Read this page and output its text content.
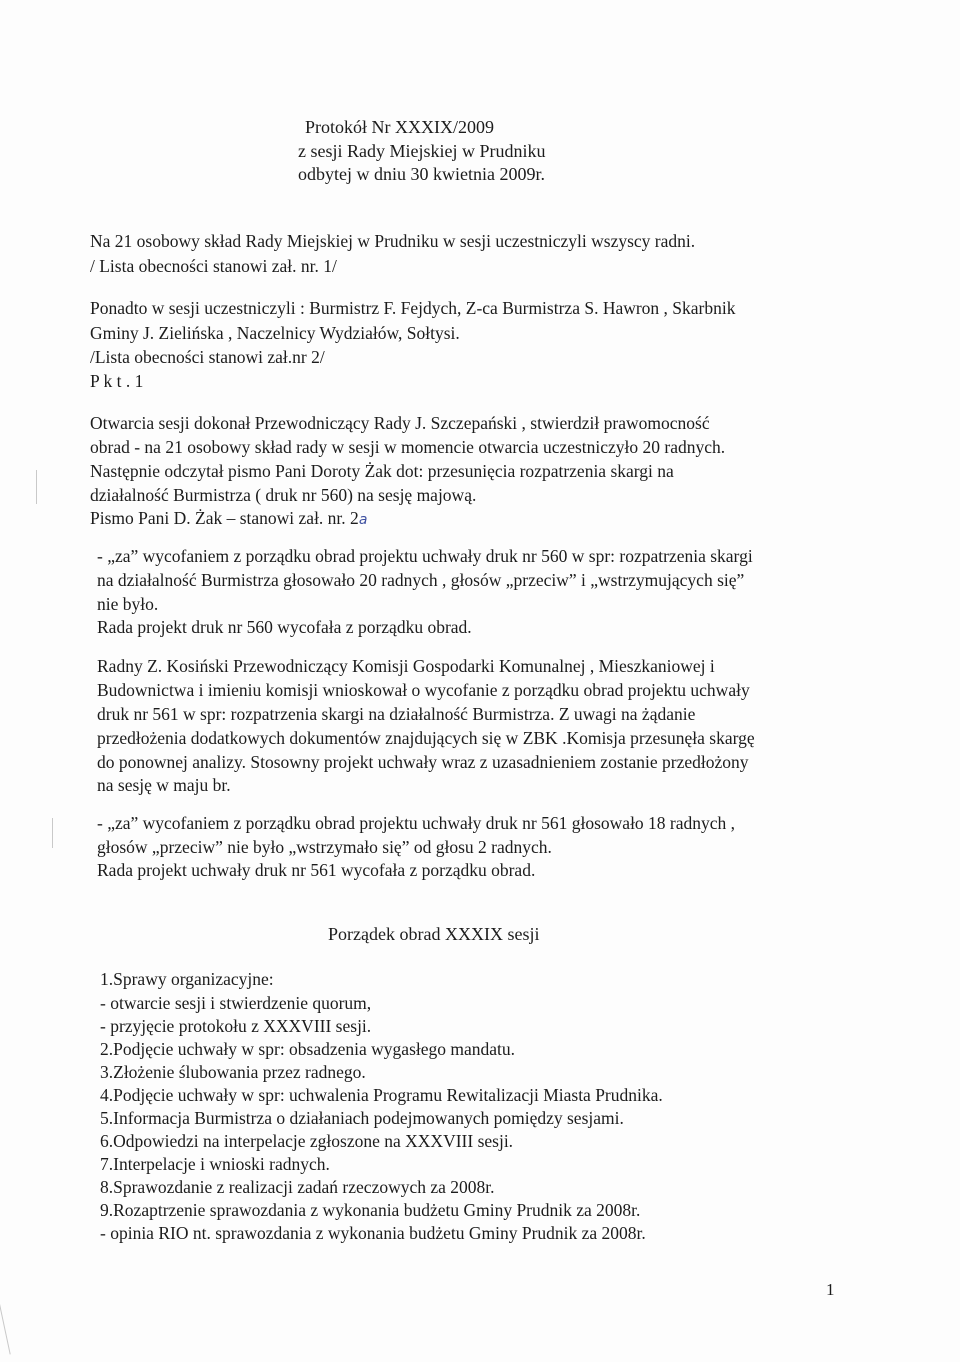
Protokół Nr XXXIX/2009
z sesji Rady Miejskiej w Prudniku
odbytej w dniu 30 kwietnia 2009r.
Na 21 osobowy skład Rady Miejskiej w Prudniku w sesji uczestniczyli wszyscy radni.
/ Lista obecności stanowi zał. nr. 1/
Ponadto w sesji uczestniczyli : Burmistrz F. Fejdych, Z-ca Burmistrza S. Hawron , Skarbnik
Gminy J. Zielińska , Naczelnicy Wydziałów, Sołtysi.
/Lista obecności stanowi zał.nr 2/
P k t . 1
Otwarcia sesji dokonał Przewodniczący Rady J. Szczepański , stwierdził prawomocność
obrad - na 21 osobowy skład rady w sesji w momencie otwarcia uczestniczyło 20 radnych.
Następnie odczytał pismo Pani Doroty Żak dot: przesunięcia rozpatrzenia skargi na
działalność Burmistrza ( druk nr 560) na sesję majową.
Pismo Pani D. Żak – stanowi zał. nr. 2a
- „za” wycofaniem z porządku obrad projektu uchwały druk nr 560 w spr: rozpatrzenia skargi
na działalność Burmistrza głosowało 20 radnych , głosów „przeciw” i „wstrzymujących się”
nie było.
Rada projekt druk nr 560 wycofała z porządku obrad.
Radny Z. Kosiński Przewodniczący Komisji Gospodarki Komunalnej , Mieszkaniowej i
Budownictwa i imieniu komisji wnioskował o wycofanie z porządku obrad projektu uchwały
druk nr 561 w spr: rozpatrzenia skargi na działalność Burmistrza. Z uwagi na żądanie
przedłożenia dodatkowych dokumentów znajdujących się w ZBK .Komisja przesunęła skargę
do ponownej analizy. Stosowny projekt uchwały wraz z uzasadnieniem zostanie przedłożony
na sesję w maju br.
- „za” wycofaniem z porządku obrad projektu uchwały druk nr 561 głosowało 18 radnych ,
głosów „przeciw” nie było „wstrzymało się” od głosu 2 radnych.
Rada projekt uchwały druk nr 561 wycofała z porządku obrad.
Porządek obrad XXXIX sesji
1.Sprawy organizacyjne:
- otwarcie sesji i stwierdzenie quorum,
- przyjęcie protokołu z XXXVIII sesji.
2.Podjęcie uchwały w spr: obsadzenia wygasłego mandatu.
3.Złożenie ślubowania przez radnego.
4.Podjęcie uchwały w spr: uchwalenia Programu Rewitalizacji Miasta Prudnika.
5.Informacja Burmistrza o działaniach podejmowanych pomiędzy sesjami.
6.Odpowiedzi na interpelacje zgłoszone na XXXVIII sesji.
7.Interpelacje i wnioski radnych.
8.Sprawozdanie z realizacji zadań rzeczowych za 2008r.
9.Rozaptrzenie sprawozdania z wykonania budżetu Gminy Prudnik za 2008r.
- opinia RIO nt. sprawozdania z wykonania budżetu Gminy Prudnik za 2008r.
1
